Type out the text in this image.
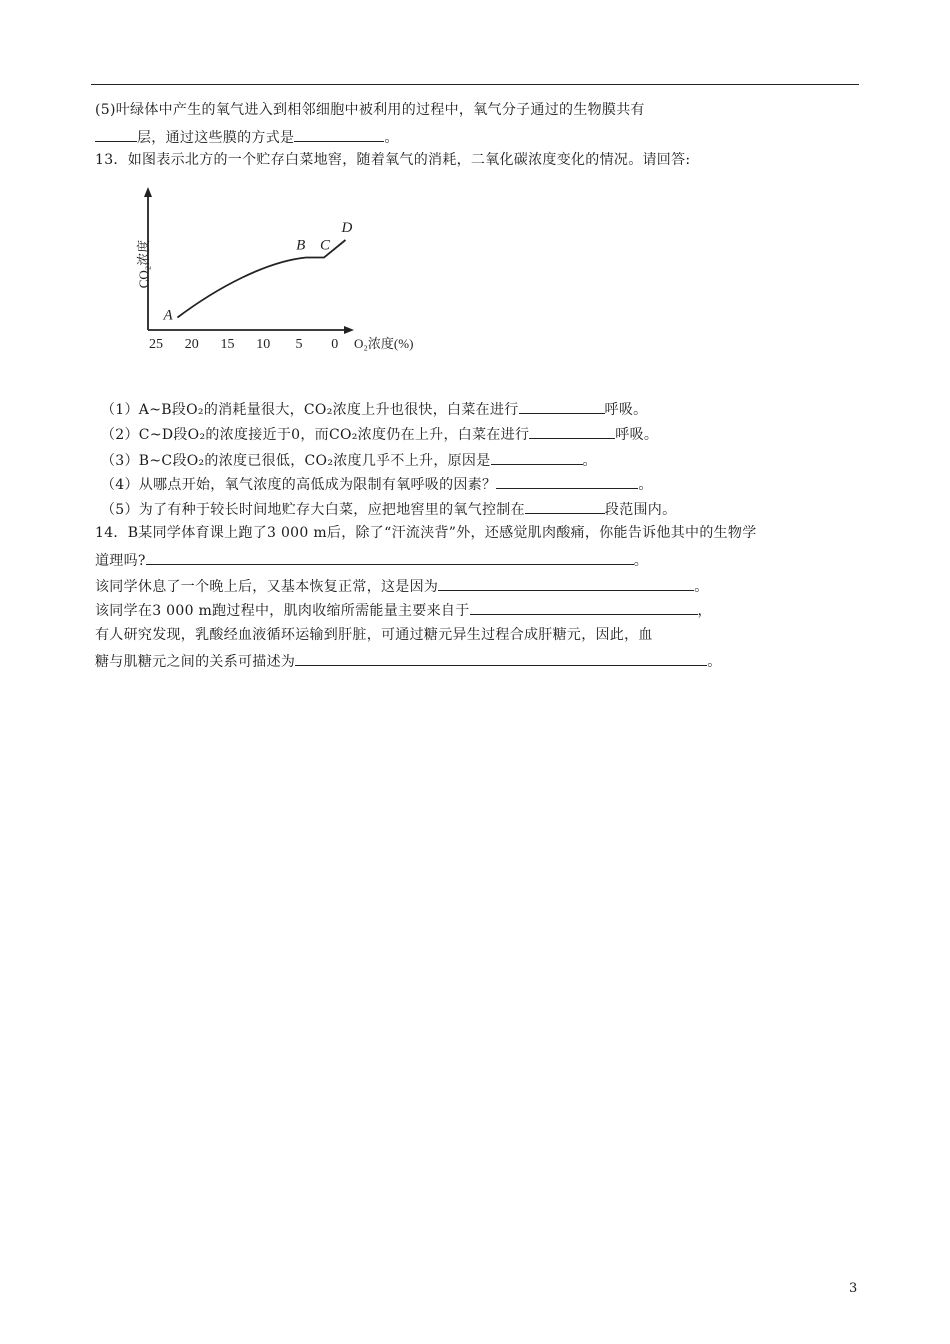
(5)叶绿体中产生的氧气进入到相邻细胞中被利用的过程中，氧气分子通过的生物膜共有
层，通过这些膜的方式是	。
13．如图表示北方的一个贮存白菜地窖，随着氧气的消耗，二氧化碳浓度变化的情况。请回答:
CO₂浓度
25 20 15 10 5 0 O₂浓度(%)
A
B C
D
（1）A~B段O₂的消耗量很大，CO₂浓度上升也很快，白菜在进行	呼吸。
（2）C~D段O₂的浓度接近于0，而CO₂浓度仍在上升，白菜在进行	呼吸。
（3）B~C段O₂的浓度已很低，CO₂浓度几乎不上升，原因是	。
（4）从哪点开始，氧气浓度的高低成为限制有氧呼吸的因素？	。
（5）为了有种于较长时间地贮存大白菜，应把地窖里的氧气控制在	段范围内。
14．B某同学体育课上跑了3 000 m后，除了“汗流浃背”外，还感觉肌肉酸痛，你能告诉他其中的生物学
道理吗?	。
该同学休息了一个晚上后，又基本恢复正常，这是因为	。
该同学在3 000 m跑过程中，肌肉收缩所需能量主要来自于	，
有人研究发现，乳酸经血液循环运输到肝脏，可通过糖元异生过程合成肝糖元，因此，血
糖与肌糖元之间的关系可描述为	。
3
